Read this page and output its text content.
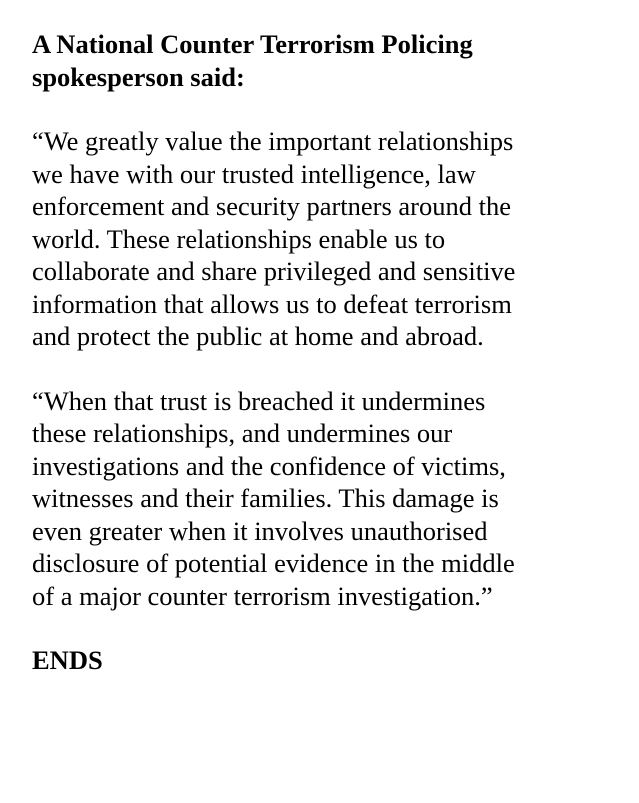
A National Counter Terrorism Policing
spokesperson said:
“We greatly value the important relationships
we have with our trusted intelligence, law
enforcement and security partners around the
world. These relationships enable us to
collaborate and share privileged and sensitive
information that allows us to defeat terrorism
and protect the public at home and abroad.
“When that trust is breached it undermines
these relationships, and undermines our
investigations and the confidence of victims,
witnesses and their families. This damage is
even greater when it involves unauthorised
disclosure of potential evidence in the middle
of a major counter terrorism investigation.”
ENDS
